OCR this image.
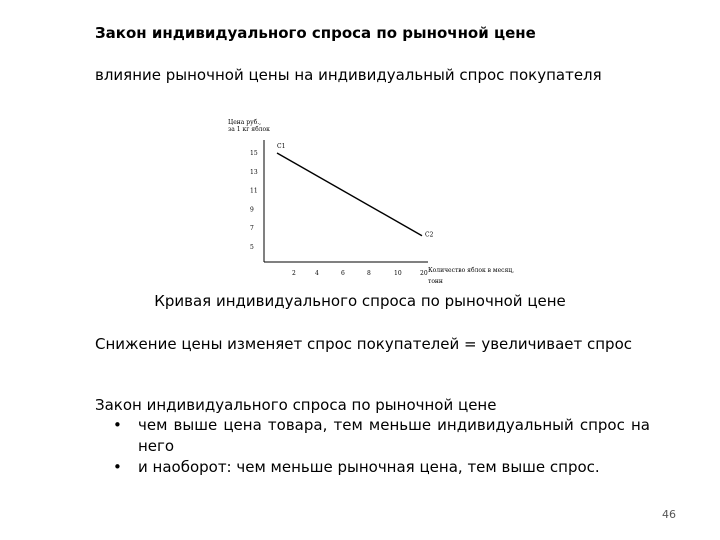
Закон индивидуального спроса по рыночной цене
влияние рыночной цены на индивидуальный спрос покупателя
Цена руб.,
за 1 кг яблок
Количество яблок в месяц,
тонн
15
13
11
9
7
5
2	4	6	8	10	20
C1
C2
Кривая индивидуального спроса по рыночной цене
Снижение цены изменяет спрос покупателей = увеличивает спрос
Закон индивидуального спроса по рыночной цене
• чем выше цена товара, тем меньше индивидуальный спрос на него
• и наоборот: чем меньше рыночная цена, тем выше спрос.
46
